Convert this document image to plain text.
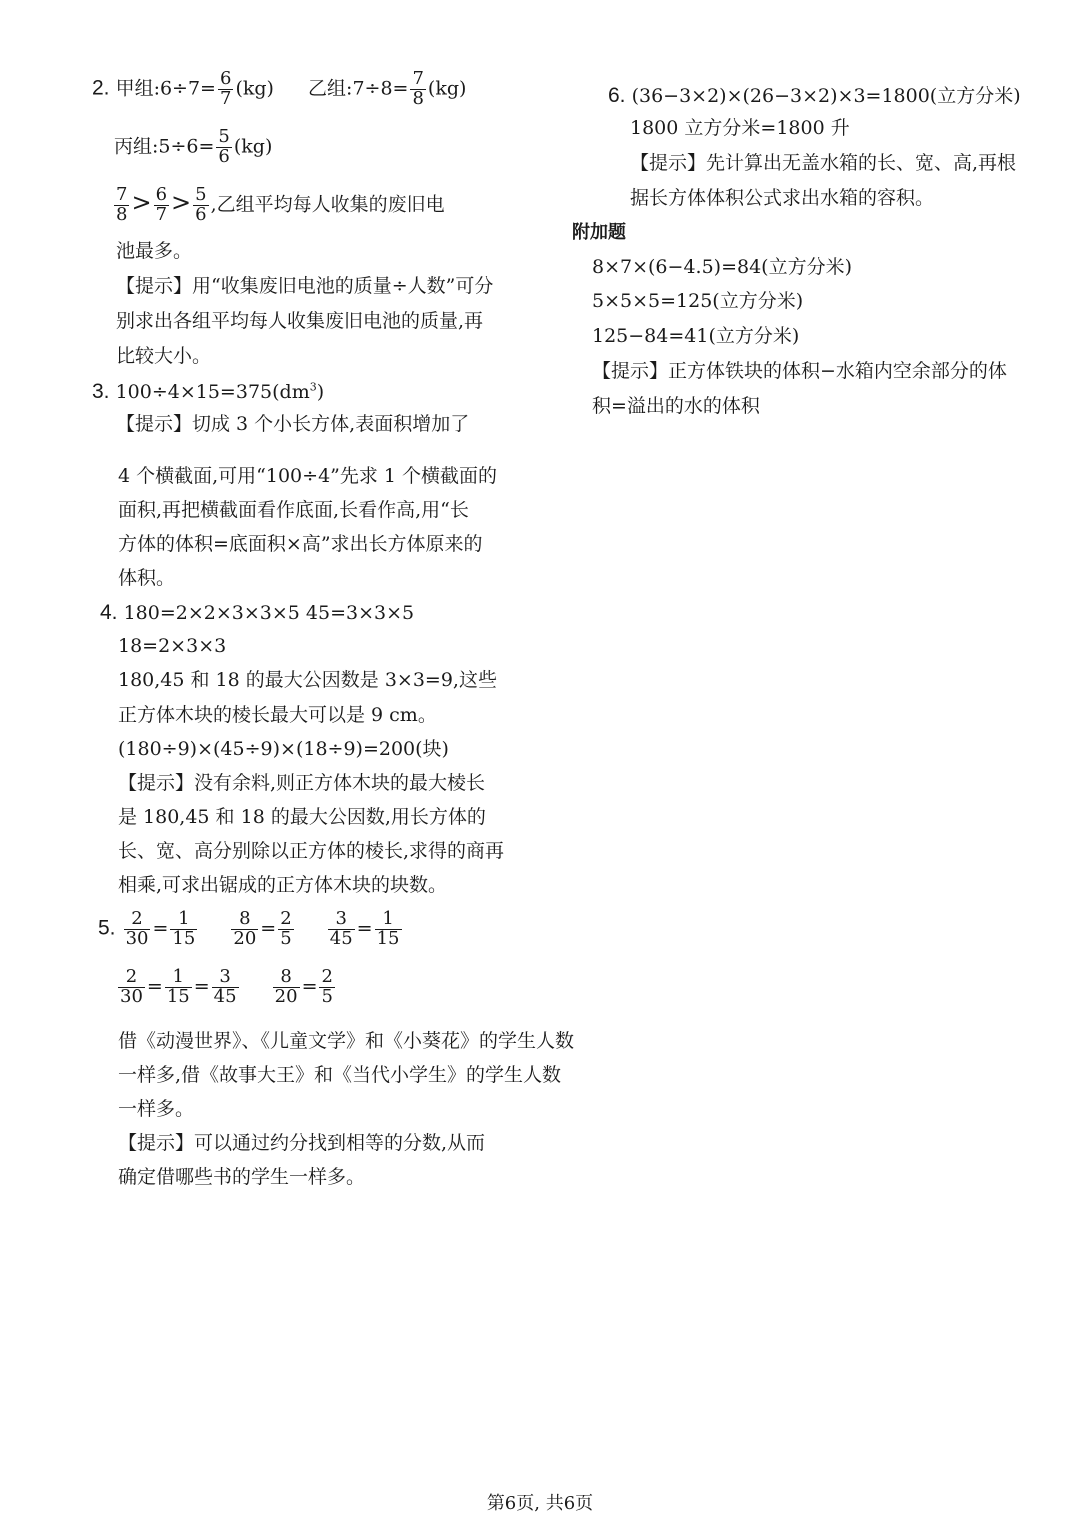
2. 甲组:6÷7= $\frac{6}{7} (kg)$ 乙组:7÷8= $\frac{7}{8} (kg)$
丙组:5÷6= $\frac{5}{6} (kg)$
$\frac{7}{8} > \frac{6}{7} > \frac{5}{6}$ ,乙组平均每人收集的废旧电
池最多。
【提示】用“收集废旧电池的质量÷人数”可分
别求出各组平均每人收集废旧电池的质量,再
比较大小。
3. $100\div 4\times 15=375(dm^3)$
【提示】切成 3 个小长方体,表面积增加了
4 个横截面,可用“100÷4”先求 1 个横截面的
面积,再把横截面看作底面,长看作高,用“长
方体的体积=底面积×高”求出长方体原来的
体积。
4. 180=2×2×3×3×5 45=3×3×5
18=2×3×3
180,45 和 18 的最大公因数是 3×3=9,这些
正方体木块的棱长最大可以是 9 cm。
(180÷9)×(45÷9)×(18÷9)=200(块)
【提示】没有余料,则正方体木块的最大棱长
是 180,45 和 18 的最大公因数,用长方体的
长、宽、高分别除以正方体的棱长,求得的商再
相乘,可求出锯成的正方体木块的块数。
5. $\frac{2}{30} = \frac{1}{15}$
$\frac{8}{20} = \frac{2}{5}$
$\frac{3}{45} = \frac{1}{15}$
$\frac{2}{30} = \frac{1}{15} = \frac{3}{45}$
$\frac{8}{20} = \frac{2}{5}$
借《动漫世界》、《儿童文学》和《小葵花》的学生人数
一样多,借《故事大王》和《当代小学生》的学生人数
一样多。
【提示】可以通过约分找到相等的分数,从而
确定借哪些书的学生一样多。
6. (36−3×2)×(26−3×2)×3=1800(立方分米)
1800 立方分米=1800 升
【提示】先计算出无盖水箱的长、宽、高,再根
据长方体体积公式求出水箱的容积。
附加题
8×7×(6−4.5)=84(立方分米)
5×5×5=125(立方分米)
125−84=41(立方分米)
【提示】正方体铁块的体积−水箱内空余部分的体
积=溢出的水的体积
第6页, 共6页
